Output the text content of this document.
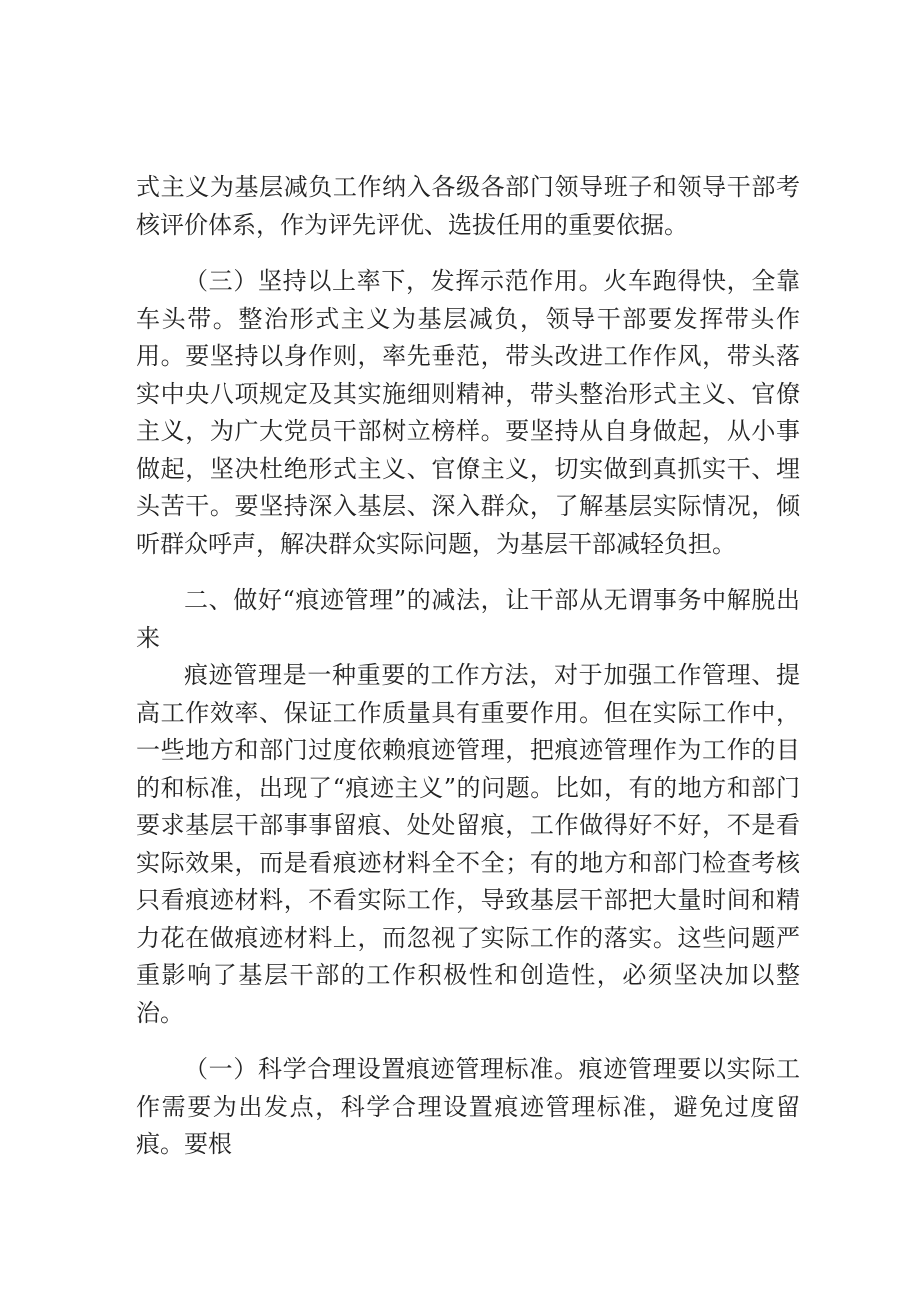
式主义为基层减负工作纳入各级各部门领导班子和领导干部考核评价体系，作为评先评优、选拔任用的重要依据。

（三）坚持以上率下，发挥示范作用。火车跑得快，全靠车头带。整治形式主义为基层减负，领导干部要发挥带头作用。要坚持以身作则，率先垂范，带头改进工作作风，带头落实中央八项规定及其实施细则精神，带头整治形式主义、官僚主义，为广大党员干部树立榜样。要坚持从自身做起，从小事做起，坚决杜绝形式主义、官僚主义，切实做到真抓实干、埋头苦干。要坚持深入基层、深入群众，了解基层实际情况，倾听群众呼声，解决群众实际问题，为基层干部减轻负担。

二、做好“痕迹管理”的减法，让干部从无谓事务中解脱出来

痕迹管理是一种重要的工作方法，对于加强工作管理、提高工作效率、保证工作质量具有重要作用。但在实际工作中，一些地方和部门过度依赖痕迹管理，把痕迹管理作为工作的目的和标准，出现了“痕迹主义”的问题。比如，有的地方和部门要求基层干部事事留痕、处处留痕，工作做得好不好，不是看实际效果，而是看痕迹材料全不全；有的地方和部门检查考核只看痕迹材料，不看实际工作，导致基层干部把大量时间和精力花在做痕迹材料上，而忽视了实际工作的落实。这些问题严重影响了基层干部的工作积极性和创造性，必须坚决加以整治。

（一）科学合理设置痕迹管理标准。痕迹管理要以实际工作需要为出发点，科学合理设置痕迹管理标准，避免过度留痕。要根
